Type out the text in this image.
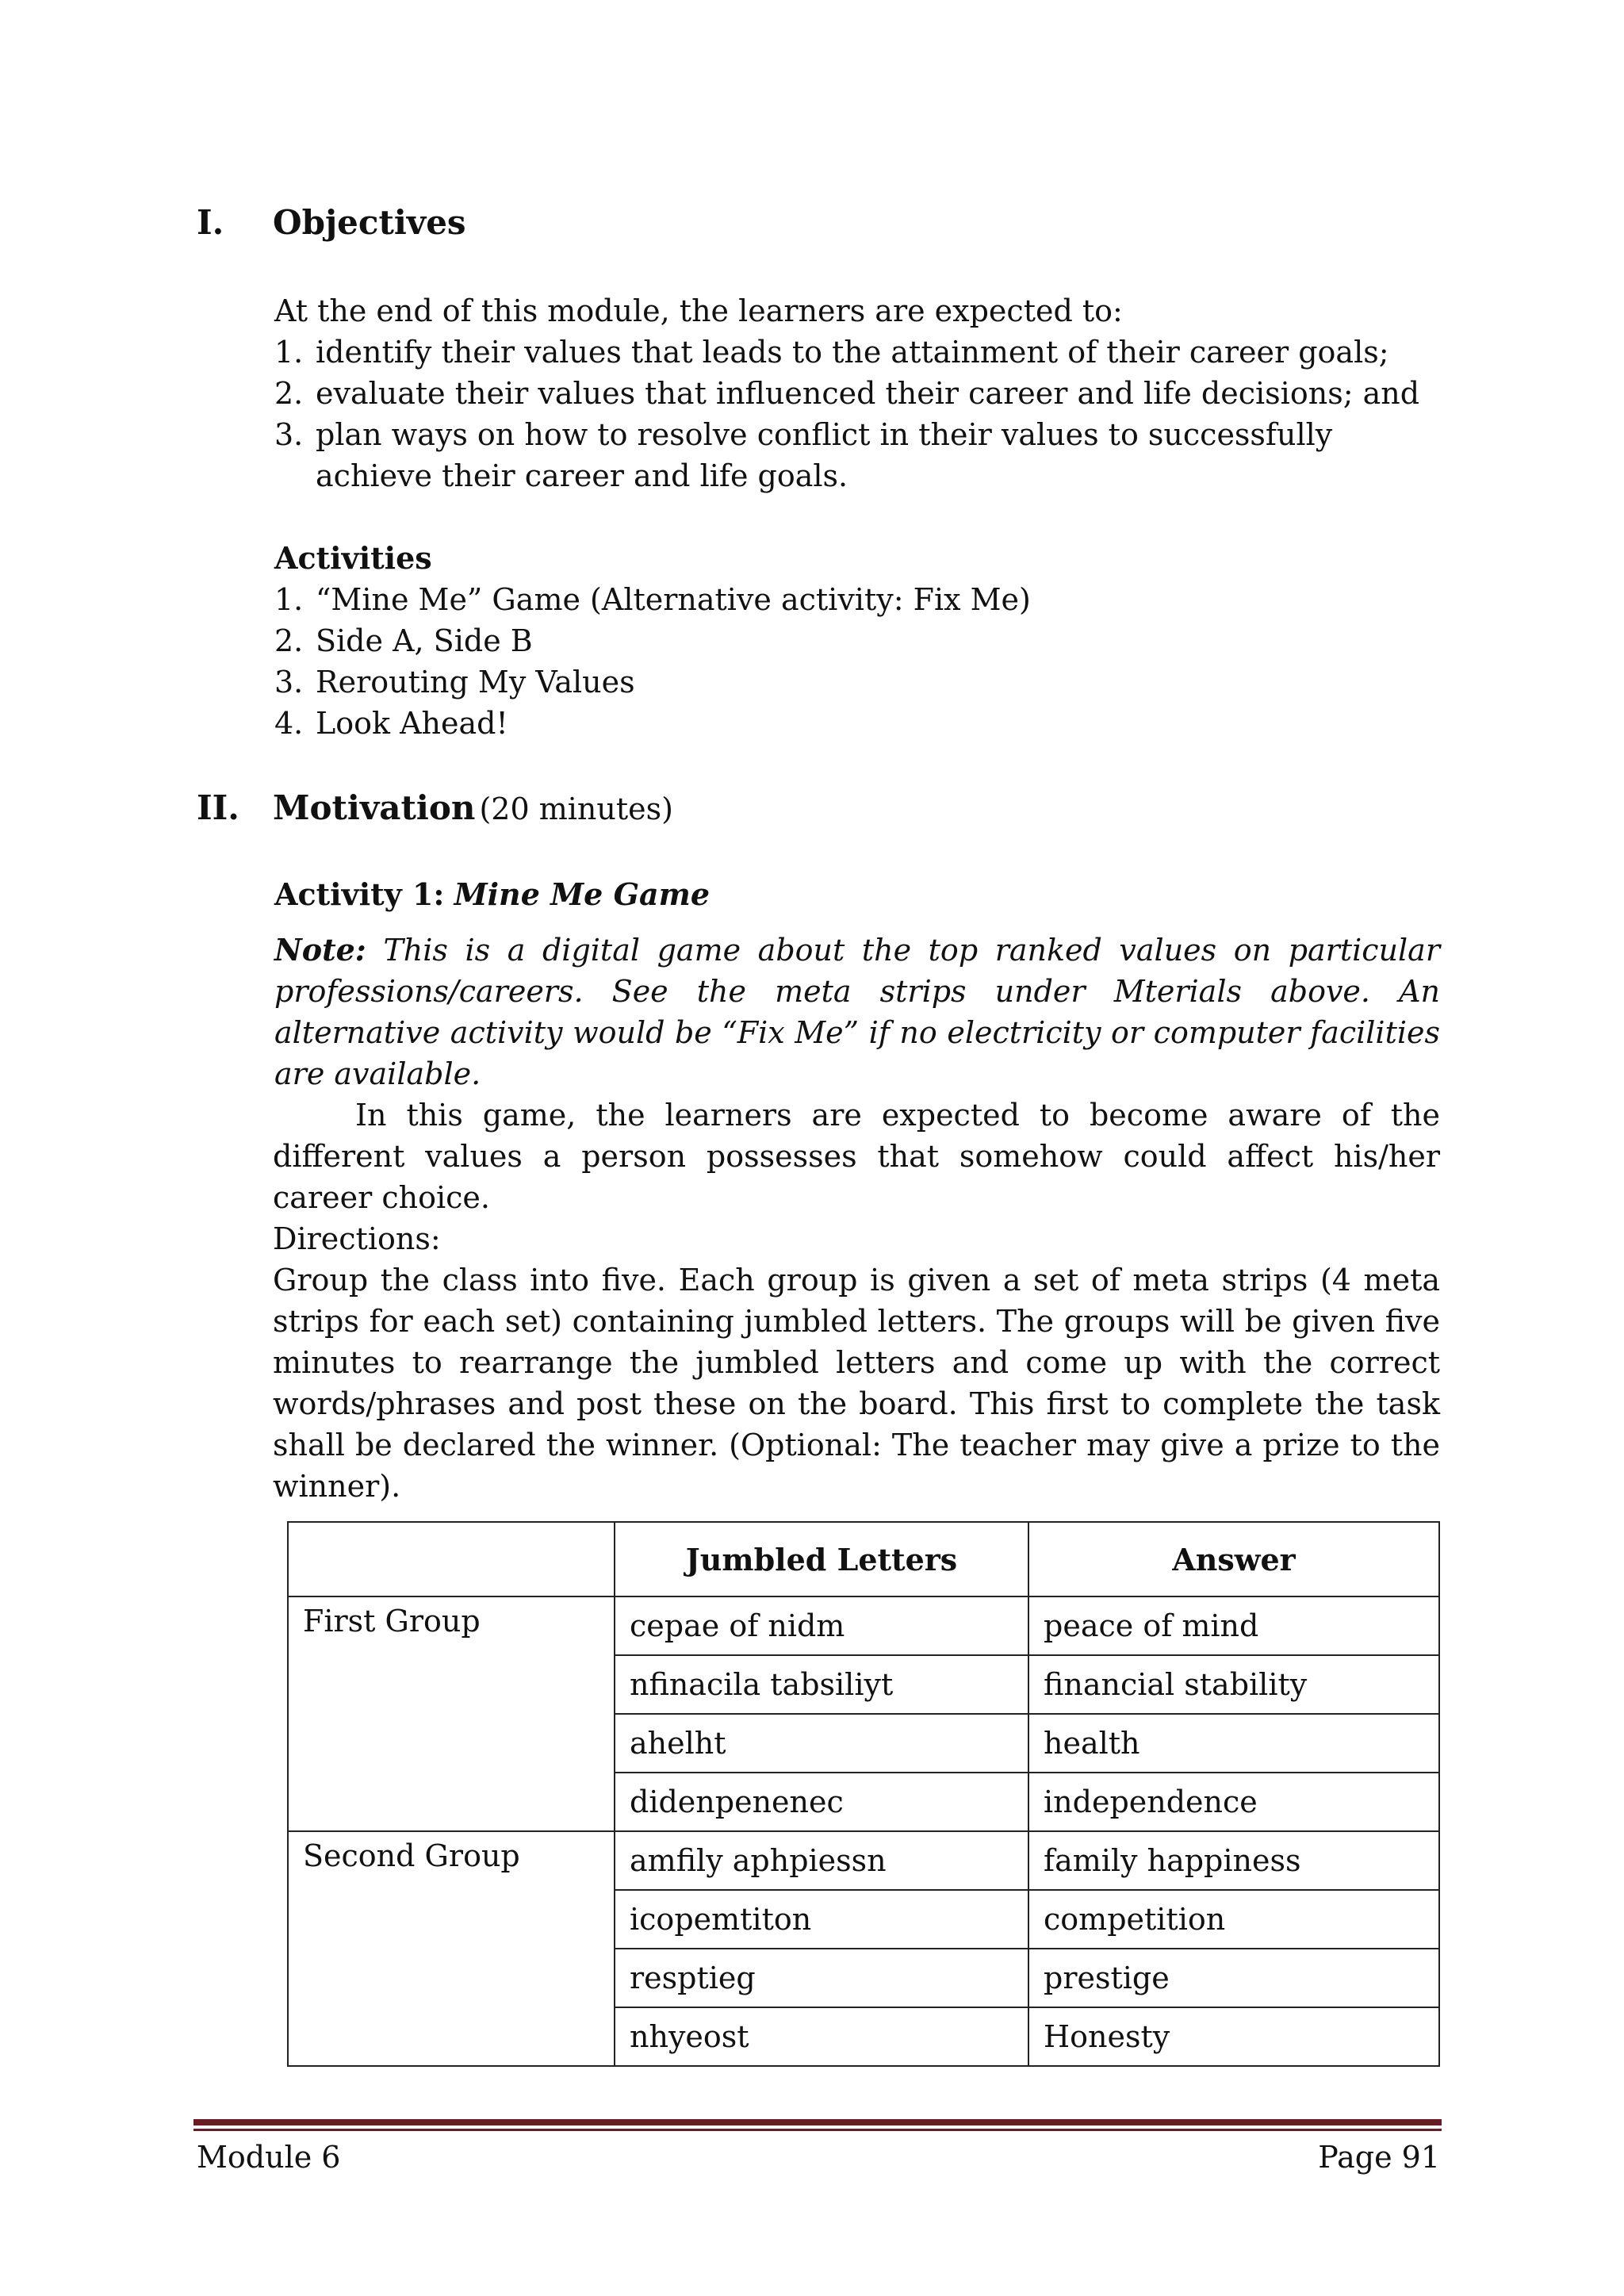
I. Objectives
At the end of this module, the learners are expected to:
1. identify their values that leads to the attainment of their career goals;
2. evaluate their values that influenced their career and life decisions; and
3. plan ways on how to resolve conflict in their values to successfully achieve their career and life goals.
Activities
1. “Mine Me” Game (Alternative activity: Fix Me)
2. Side A, Side B
3. Rerouting My Values
4. Look Ahead!
II. Motivation (20 minutes)
Activity 1: Mine Me Game
Note: This is a digital game about the top ranked values on particular professions/careers. See the meta strips under Mterials above. An alternative activity would be “Fix Me” if no electricity or computer facilities are available.
In this game, the learners are expected to become aware of the different values a person possesses that somehow could affect his/her career choice.
Directions:
Group the class into five. Each group is given a set of meta strips (4 meta strips for each set) containing jumbled letters. The groups will be given five minutes to rearrange the jumbled letters and come up with the correct words/phrases and post these on the board. This first to complete the task shall be declared the winner. (Optional: The teacher may give a prize to the winner).
	Jumbled Letters	Answer
First Group	cepae of nidm	peace of mind
	nfinacila tabsiliyt	financial stability
	ahelht	health
	didenpenenec	independence
Second Group	amfily aphpiessn	family happiness
	icopemtiton	competition
	resptieg	prestige
	nhyeost	Honesty
Module 6	Page 91
